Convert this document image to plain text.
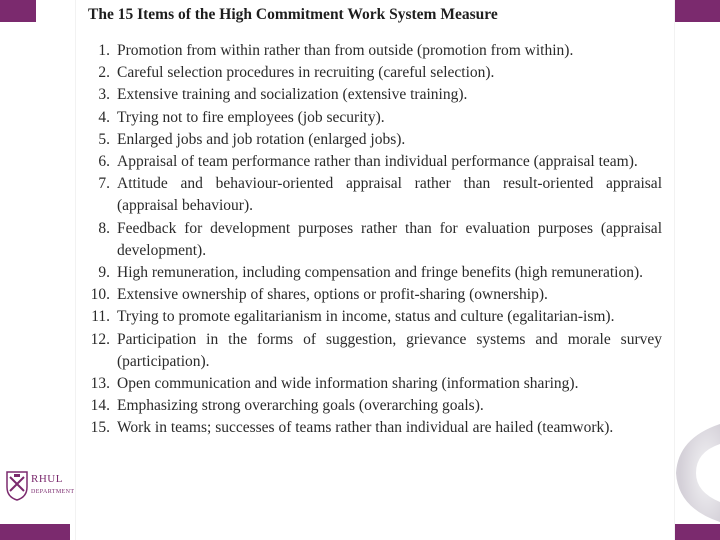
RHUL
DEPARTMENT
The 15 Items of the High Commitment Work System Measure
1. Promotion from within rather than from outside (promotion from within).
2. Careful selection procedures in recruiting (careful selection).
3. Extensive training and socialization (extensive training).
4. Trying not to fire employees (job security).
5. Enlarged jobs and job rotation (enlarged jobs).
6. Appraisal of team performance rather than individual performance (appraisal team).
7. Attitude and behaviour-oriented appraisal rather than result-oriented appraisal (appraisal behaviour).
8. Feedback for development purposes rather than for evaluation purposes (appraisal development).
9. High remuneration, including compensation and fringe benefits (high remuneration).
10. Extensive ownership of shares, options or profit-sharing (ownership).
11. Trying to promote egalitarianism in income, status and culture (egalitarian-ism).
12. Participation in the forms of suggestion, grievance systems and morale survey (participation).
13. Open communication and wide information sharing (information sharing).
14. Emphasizing strong overarching goals (overarching goals).
15. Work in teams; successes of teams rather than individual are hailed (teamwork).
